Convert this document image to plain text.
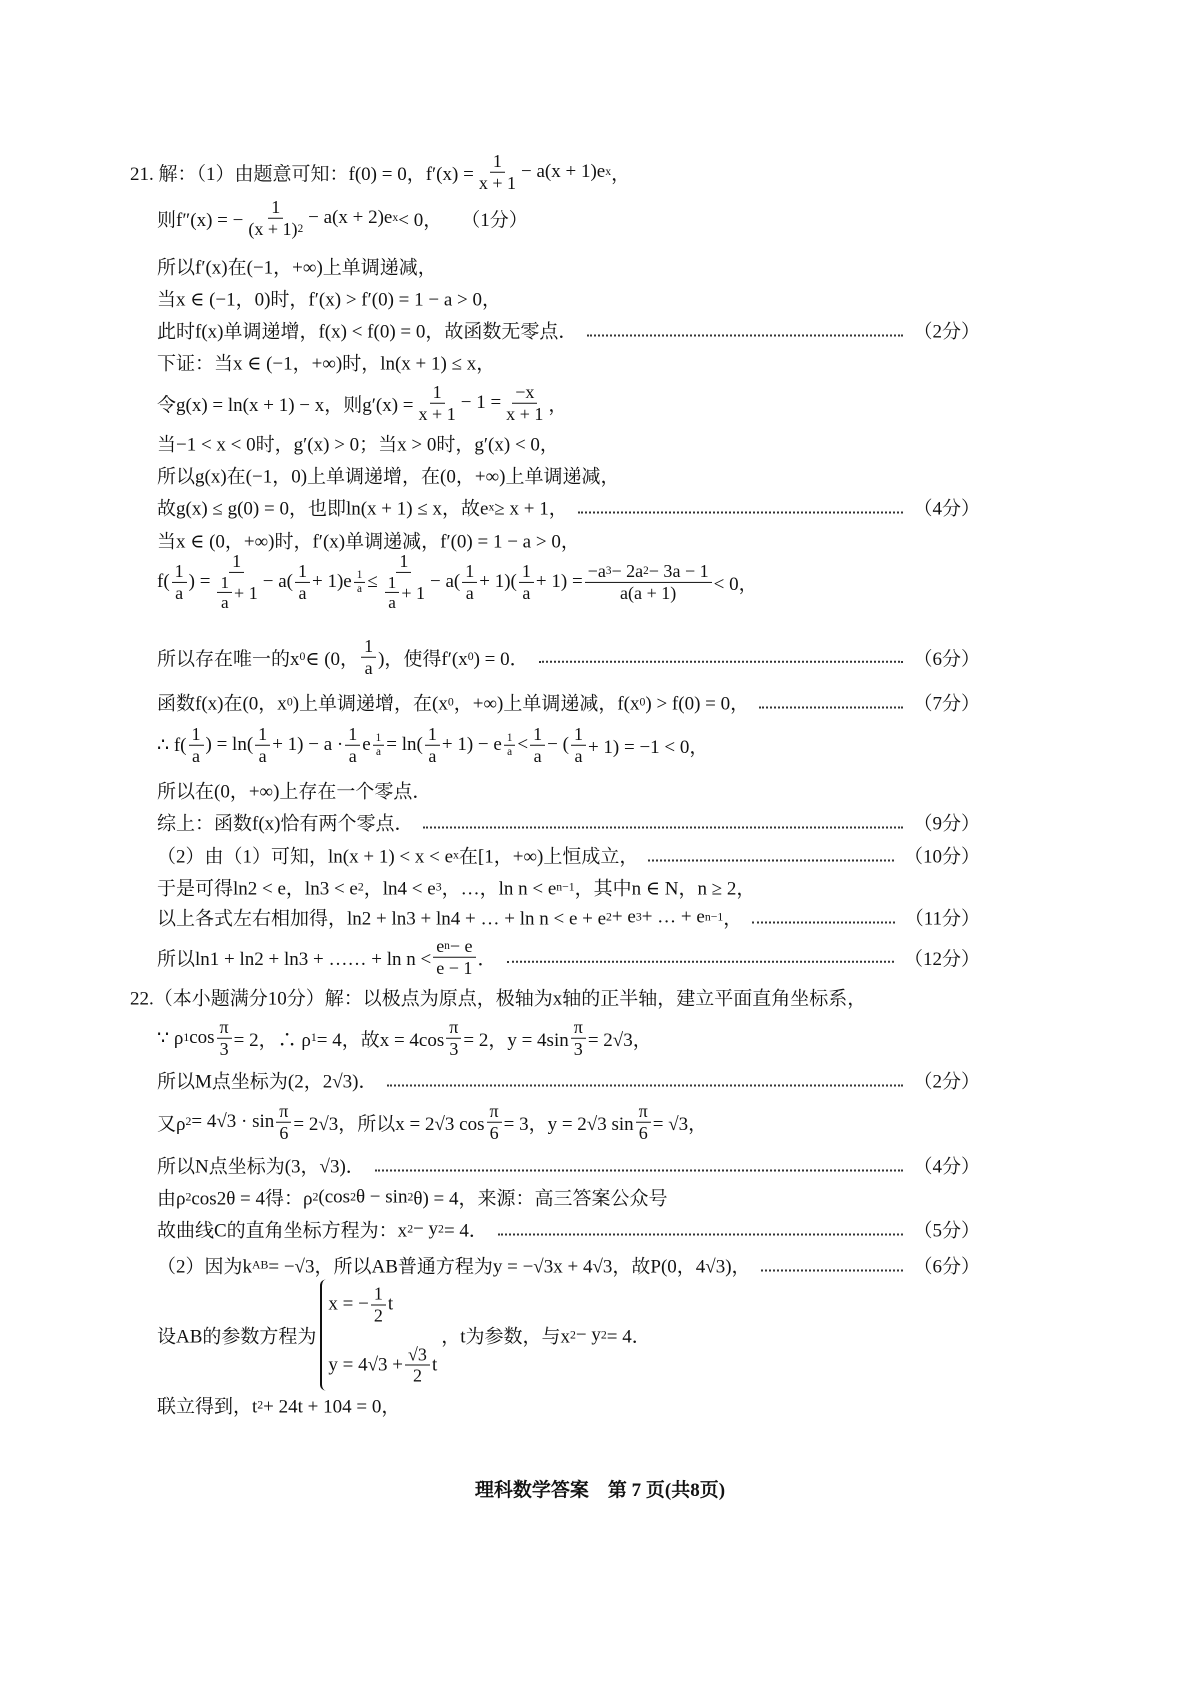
21. 解：（1）由题意可知：f(0) = 0，$f'(x) = \frac{1}{x + 1} - a(x + 1)e$ x ，
则f″(x) = − $\frac{1}{(x + 1) 2} - a(x + 2)e$ x < 0，　　（1分）
所以f′(x)在(−1，+∞)上单调递减，
当x ∈ (−1，0)时，f′(x) > f′(0) = 1 − a > 0，
此时f(x)单调递增，f(x) < f(0) = 0，故函数无零点．	（2分）
下证：当x ∈ (−1，+∞)时，ln(x + 1) ≤ x，
令g(x) = ln(x + 1) − x，则$g'(x) = \frac{1}{x + 1} - 1 = \frac{-x}{x + 1}$ ，
当−1 < x < 0时，g′(x) > 0；当x > 0时，g′(x) < 0，
所以g(x)在(−1，0)上单调递增，在(0，+∞)上单调递减，
故g(x) ≤ g(0) = 0，也即ln(x + 1) ≤ x，故e x ≥ x + 1，	（4分）
当x ∈ (0，+∞)时，f′(x)单调递减，f′(0) = 1 − a > 0，
$f( \frac{1}{a}$ ) = $\frac{1}{\frac{1}{a} + 1} - a( \frac{1}{a} + 1)e \frac{1}{a} \le \frac{1}{\frac{1}{a} + 1} - a( \frac{1}{a} + 1)( \frac{1}{a} + 1) = \frac{-a 3 - 2a 2 - 3a - 1}{a(a + 1)} < 0$，
所以存在唯一的x 0 ∈ (0， $\frac{1}{a}$ )，使得f′(x 0 ) = 0．	（6分）
函数f(x)在(0，x 0 )上单调递增，在(x 0 ，+∞)上单调递减，f(x 0 ) > f(0) = 0，	（7分）
∴ $f( \frac{1}{a}$ ) = $\ln( \frac{1}{a} + 1) - a \cdot \frac{1}{a}$ e $\frac{1}{a} = \ln( \frac{1}{a} + 1) - e \frac{1}{a} < \frac{1}{a}$ − ( $\frac{1}{a} + 1) = -1 < 0$，
所以在(0，+∞)上存在一个零点．
综上：函数f(x)恰有两个零点．	（9分）
（2）由（1）可知，ln(x + 1) < x < e x 在[1，+∞)上恒成立，	（10分）
于是可得ln2 < e，ln3 < e 2 ，ln4 < e 3 ，…，ln n < e n−1 ，其中n ∈ N，n ≥ 2，
以上各式左右相加得，ln2 + ln3 + ln4 + … + ln n < e + e 2 + e 3 + … + e n−1 ，	（11分）
所以ln1 + ln2 + ln3 + …… + $\ln n < \frac{\text{e n − e}}{e - 1}$ ．	（12分）
22.（本小题满分10分）解：以极点为原点，极轴为x轴的正半轴，建立平面直角坐标系，
∵ ρ 1 $\cos \frac{\pi}{3} = 2$，∴ ρ 1 = 4，故$x = 4\cos \frac{\pi}{3} = 2$，$y = 4\sin \frac{\pi}{3} = 2√3$，
所以M点坐标为(2，2√3)．	（2分）
又ρ $2 = 4√3 \cdot \sin \frac{\pi}{6} = 2√3$，所以x = 2√3 $\cos \frac{\pi}{6} = 3$，y = 2√3 $\sin \frac{\pi}{6} = √3$，
所以N点坐标为(3，√3)．	（4分）
由ρ 2 cos2θ = 4得：ρ 2 (cos 2 θ − sin 2 θ) = 4，来源：高三答案公众号
故曲线C的直角坐标方程为：x 2 − y 2 = 4．	（5分）
（2）因为k AB = −√3，所以AB普通方程为y = −√3x + 4√3，故P(0，4√3)，	（6分）
设AB的参数方程为
x = − $\frac{1}{2}$ t
$y = 4√3 + \frac{√3}{2}$ t
，t为参数，与x 2 − y 2 = 4．
联立得到，t 2 + 24t + 104 = 0，
理科数学答案　第 7 页(共8页)
